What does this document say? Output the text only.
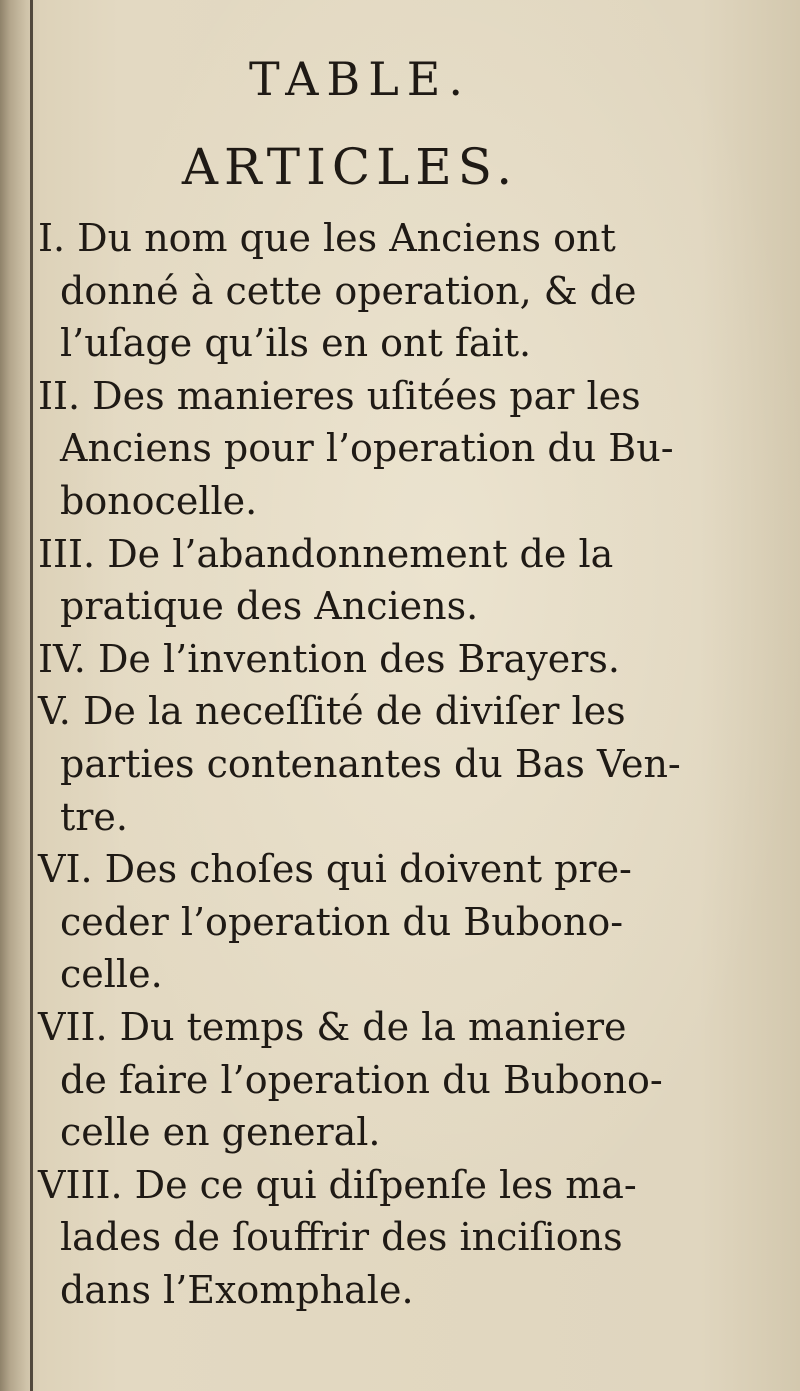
TABLE.
ARTICLES.
I. Du nom que les Anciens ont
donné à cette operation, & de
l’uſage qu’ils en ont fait.
II. Des manieres uſitées par les
Anciens pour l’operation du Bu-
bonocelle.
III. De l’abandonnement de la
pratique des Anciens.
IV. De l’invention des Brayers.
V. De la neceſſité de diviſer les
parties contenantes du Bas Ven-
tre.
VI. Des choſes qui doivent pre-
ceder l’operation du Bubono-
celle.
VII. Du temps & de la maniere
de faire l’operation du Bubono-
celle en general.
VIII. De ce qui diſpenſe les ma-
lades de ſouffrir des inciſions
dans l’Exomphale.
